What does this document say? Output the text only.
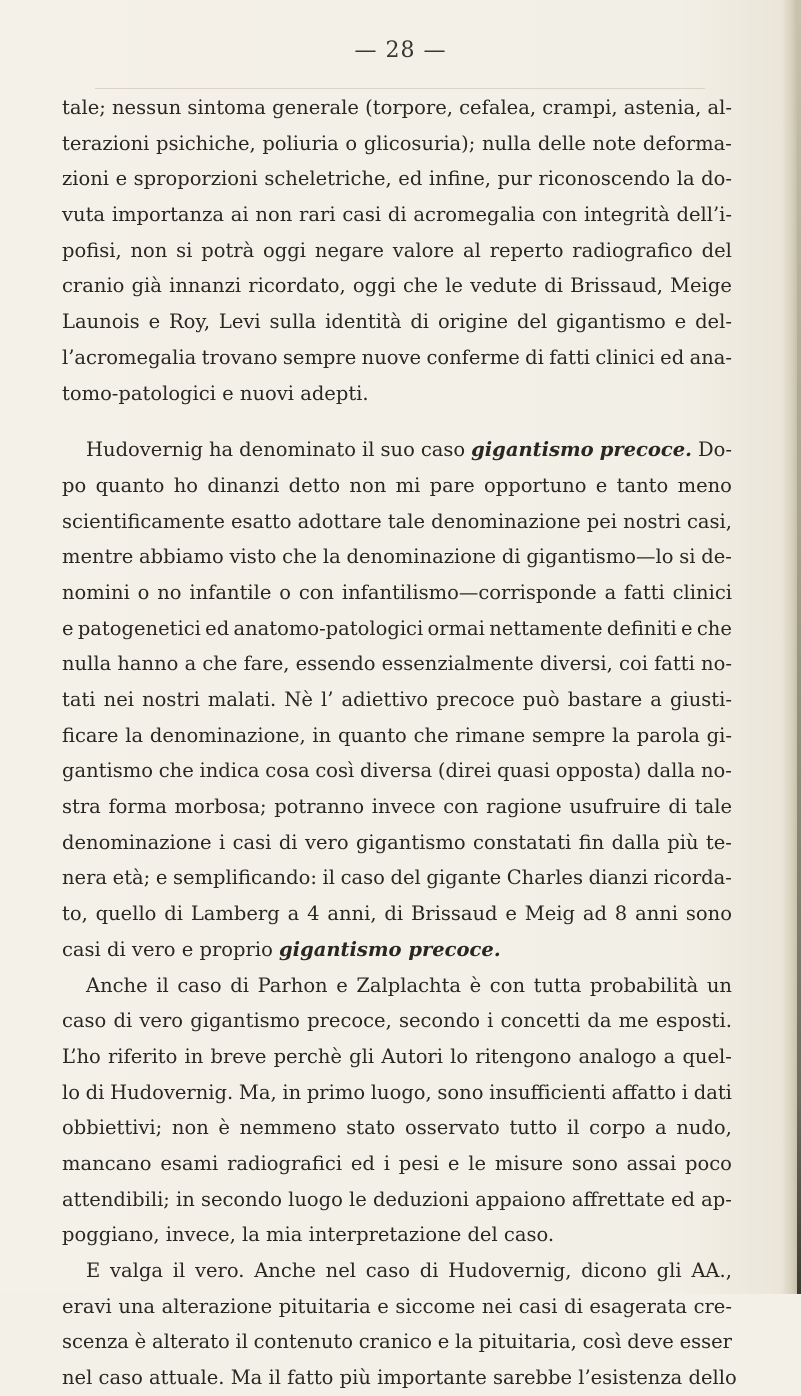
— 28 —
tale; nessun sintoma generale (torpore, cefalea, crampi, astenia, al-
terazioni psichiche, poliuria o glicosuria); nulla delle note deforma-
zioni e sproporzioni scheletriche, ed infine, pur riconoscendo la do-
vuta importanza ai non rari casi di acromegalia con integrità dell’i-
pofisi, non si potrà oggi negare valore al reperto radiografico del
cranio già innanzi ricordato, oggi che le vedute di Brissaud, Meige
Launois e Roy, Levi sulla identità di origine del gigantismo e del-
l’acromegalia trovano sempre nuove conferme di fatti clinici ed ana-
tomo-patologici e nuovi adepti.
Hudovernig ha denominato il suo caso gigantismo precoce. Do-
po quanto ho dinanzi detto non mi pare opportuno e tanto meno
scientificamente esatto adottare tale denominazione pei nostri casi,
mentre abbiamo visto che la denominazione di gigantismo—lo si de-
nomini o no infantile o con infantilismo—corrisponde a fatti clinici
e patogenetici ed anatomo-patologici ormai nettamente definiti e che
nulla hanno a che fare, essendo essenzialmente diversi, coi fatti no-
tati nei nostri malati. Nè l’ adiettivo precoce può bastare a giusti-
ficare la denominazione, in quanto che rimane sempre la parola gi-
gantismo che indica cosa così diversa (direi quasi opposta) dalla no-
stra forma morbosa; potranno invece con ragione usufruire di tale
denominazione i casi di vero gigantismo constatati fin dalla più te-
nera età; e semplificando: il caso del gigante Charles dianzi ricorda-
to, quello di Lamberg a 4 anni, di Brissaud e Meig ad 8 anni sono
casi di vero e proprio gigantismo precoce.
Anche il caso di Parhon e Zalplachta è con tutta probabilità un
caso di vero gigantismo precoce, secondo i concetti da me esposti.
L’ho riferito in breve perchè gli Autori lo ritengono analogo a quel-
lo di Hudovernig. Ma, in primo luogo, sono insufficienti affatto i dati
obbiettivi; non è nemmeno stato osservato tutto il corpo a nudo,
mancano esami radiografici ed i pesi e le misure sono assai poco
attendibili; in secondo luogo le deduzioni appaiono affrettate ed ap-
poggiano, invece, la mia interpretazione del caso.
E valga il vero. Anche nel caso di Hudovernig, dicono gli AA.,
eravi una alterazione pituitaria e siccome nei casi di esagerata cre-
scenza è alterato il contenuto cranico e la pituitaria, così deve esser
nel caso attuale. Ma il fatto più importante sarebbe l’esistenza dello
